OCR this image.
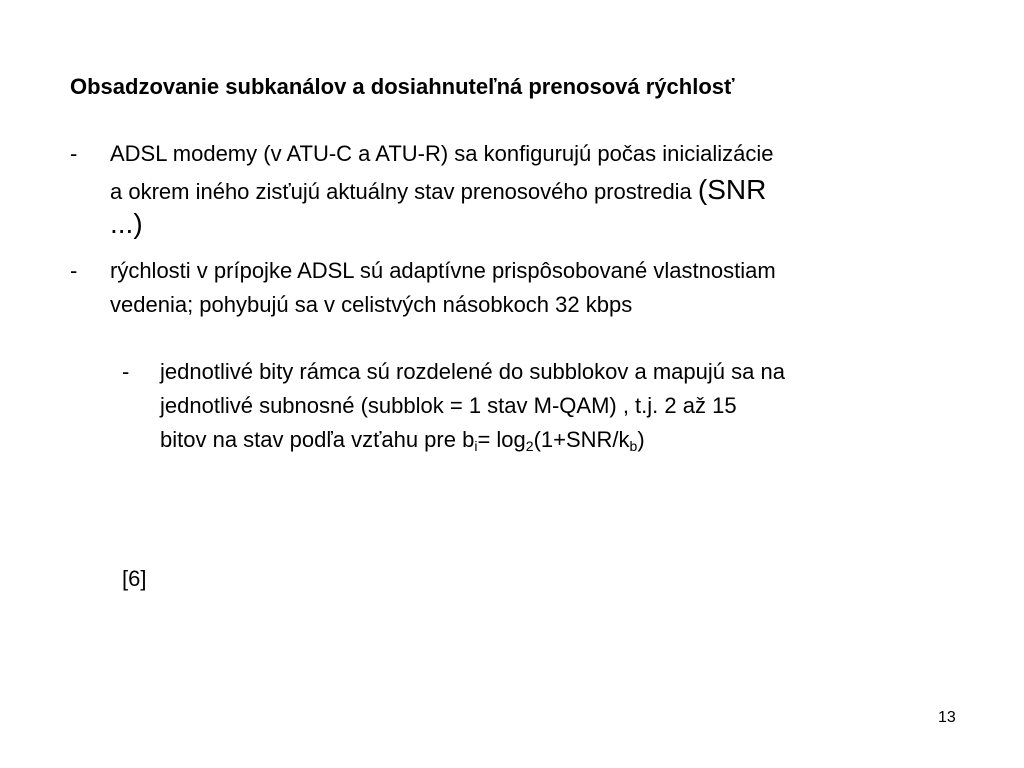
Obsadzovanie subkanálov a dosiahnuteľná prenosová rýchlosť
- ADSL modemy (v ATU-C a ATU-R) sa konfigurujú počas inicializácie
a okrem iného zisťujú aktuálny stav prenosového prostredia (SNR
...)
- rýchlosti v prípojke ADSL sú adaptívne prispôsobované vlastnostiam
vedenia; pohybujú sa v celistvých násobkoch 32 kbps
- jednotlivé bity rámca sú rozdelené do subblokov a mapujú sa na
jednotlivé subnosné (subblok = 1 stav M-QAM) , t.j. 2 až 15
bitov na stav podľa vzťahu pre $b_i= \log_2(1+SNR/k_b)$
[6]
13
